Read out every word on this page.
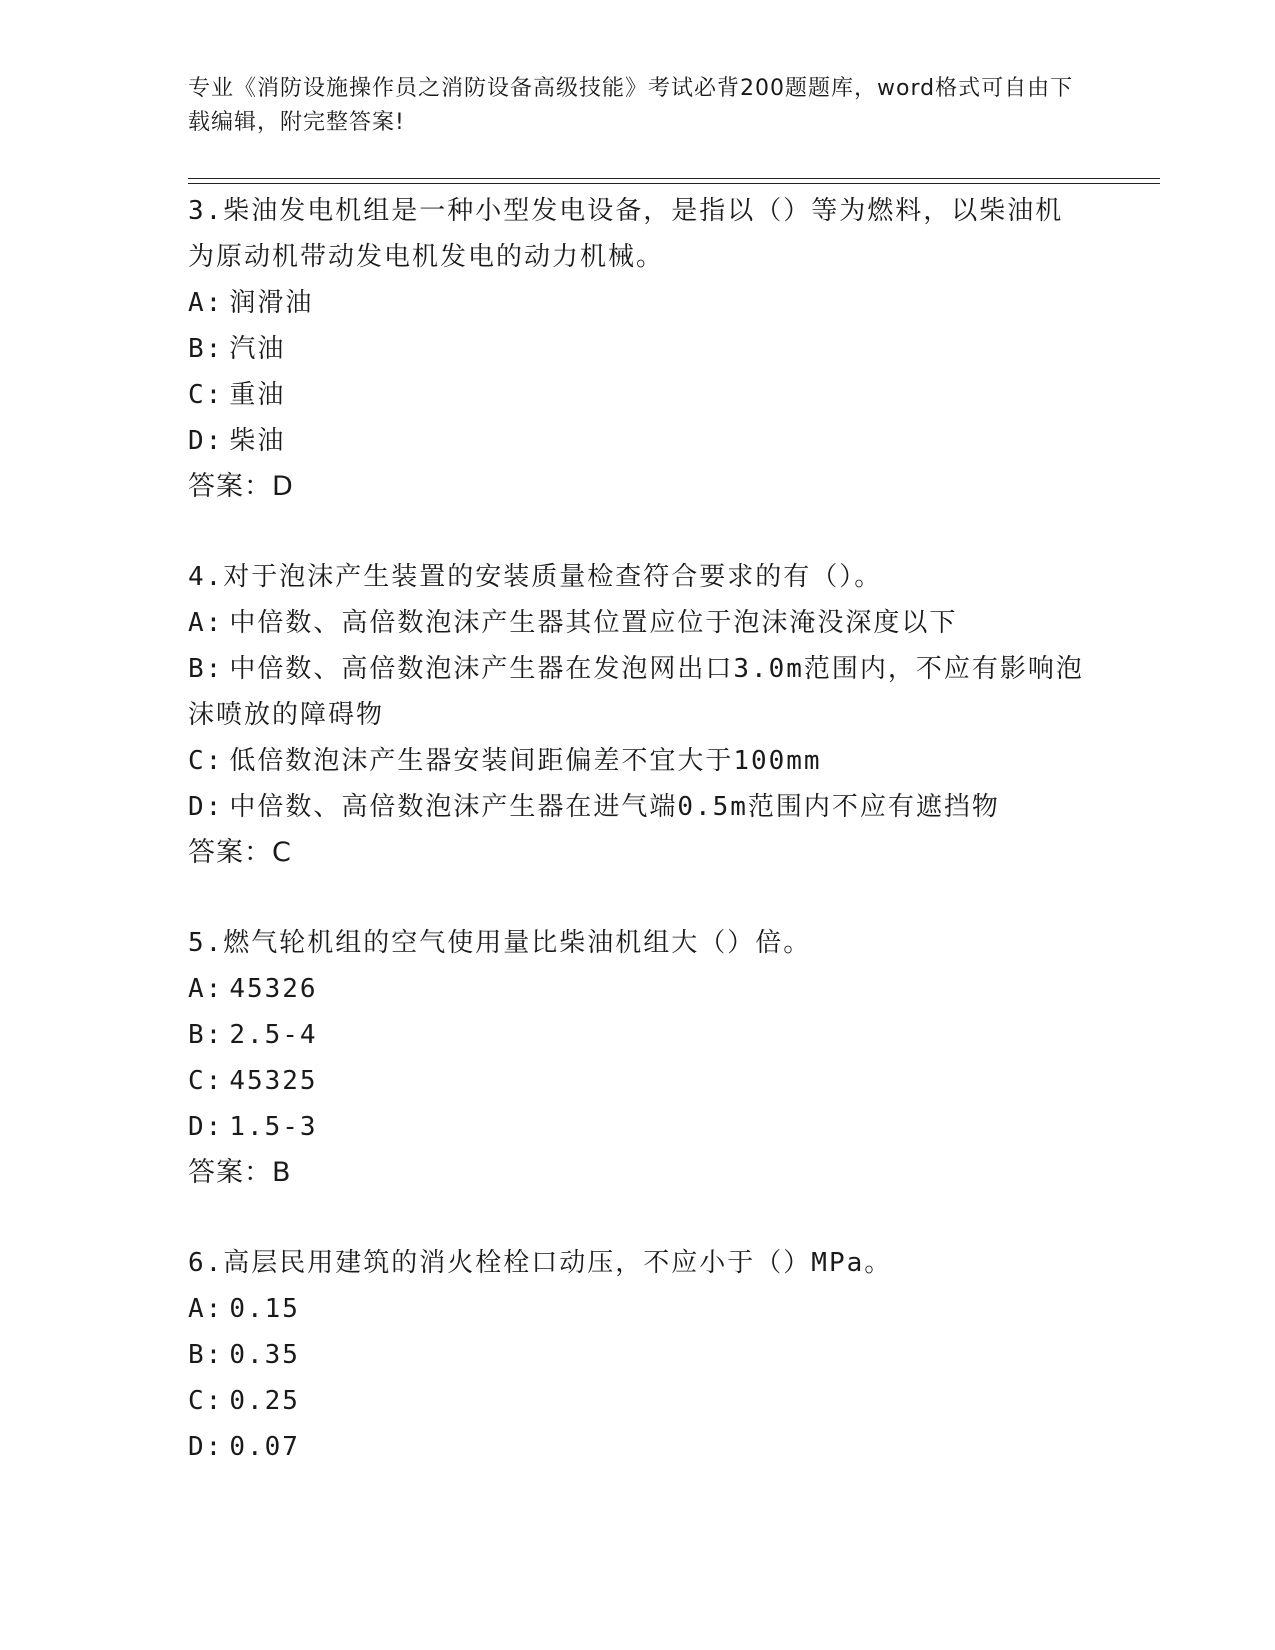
专业《消防设施操作员之消防设备高级技能》考试必背200题题库，word格式可自由下载编辑，附完整答案!

3.柴油发电机组是一种小型发电设备，是指以（）等为燃料，以柴油机为原动机带动发电机发电的动力机械。

A: 润滑油

B: 汽油

C: 重油

D: 柴油

答案：D

4.对于泡沫产生装置的安装质量检查符合要求的有（）。

A: 中倍数、高倍数泡沫产生器其位置应位于泡沫淹没深度以下

B: 中倍数、高倍数泡沫产生器在发泡网出口3.0m范围内，不应有影响泡沫喷放的障碍物

C: 低倍数泡沫产生器安装间距偏差不宜大于100mm

D: 中倍数、高倍数泡沫产生器在进气端0.5m范围内不应有遮挡物

答案：C

5.燃气轮机组的空气使用量比柴油机组大（）倍。

A: 45326

B: 2.5-4

C: 45325

D: 1.5-3

答案：B

6.高层民用建筑的消火栓栓口动压，不应小于（）MPa。

A: 0.15

B: 0.35

C: 0.25

D: 0.07
